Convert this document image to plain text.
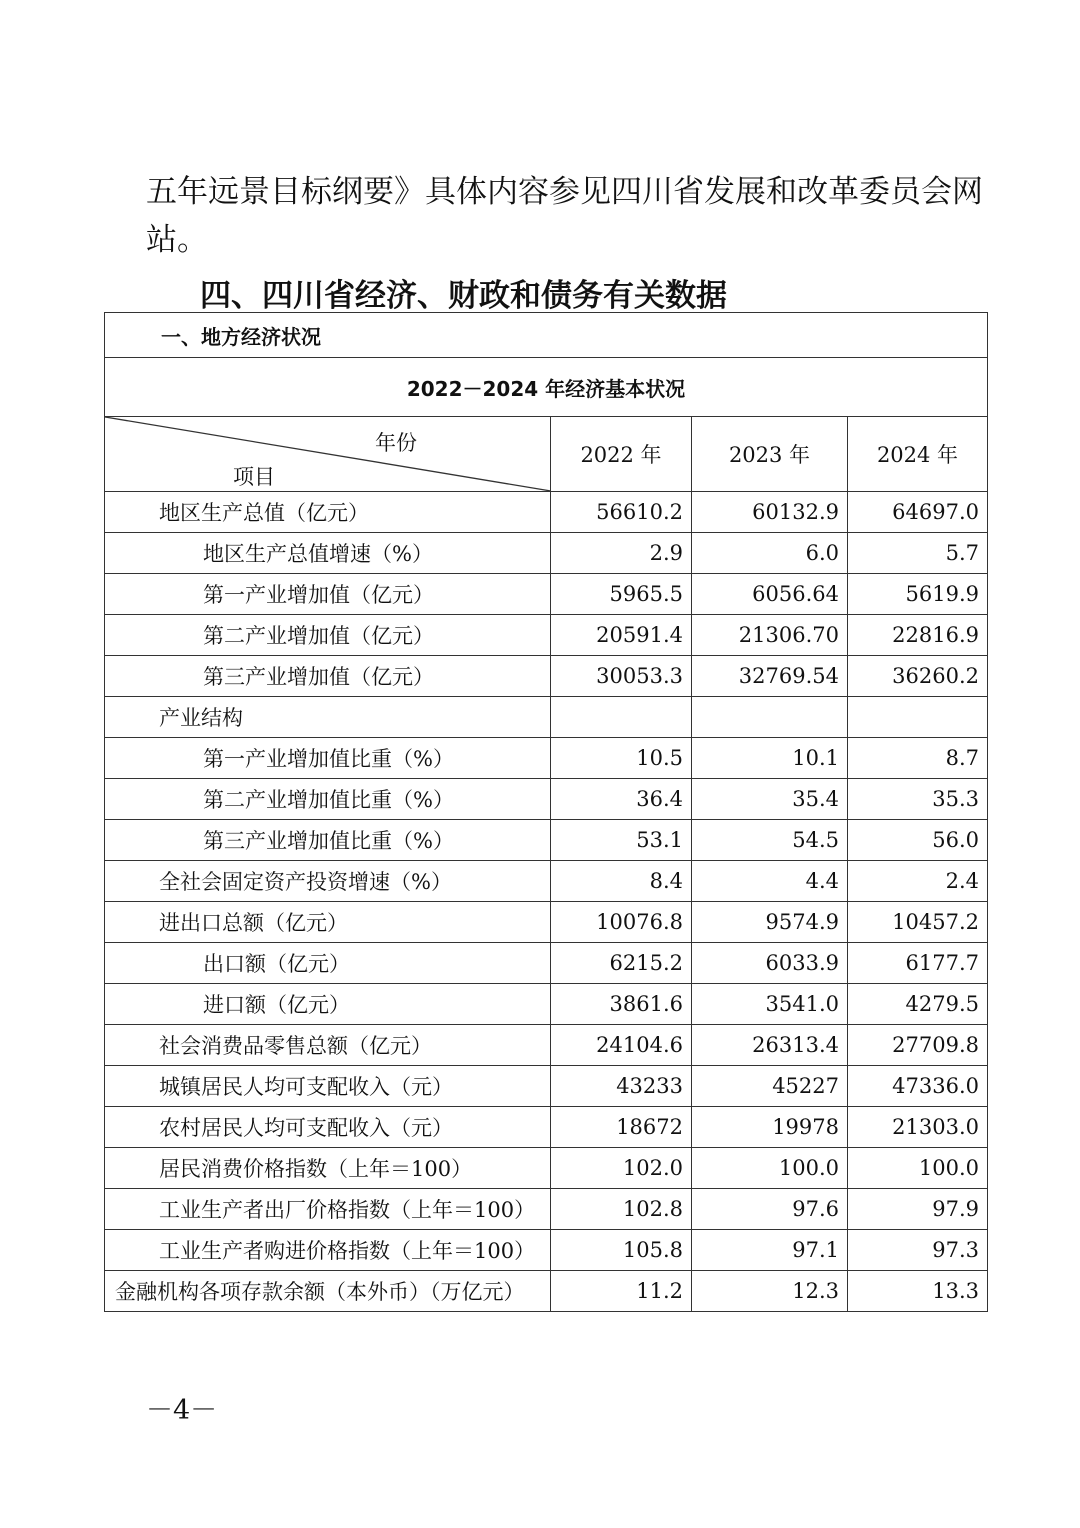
五年远景目标纲要》具体内容参见四川省发展和改革委员会网
站。
四、四川省经济、财政和债务有关数据
一、地方经济状况			
2022－2024 年经济基本状况			

年份
项目	2022 年	2023 年	2024 年
地区生产总值（亿元）	56610.2	60132.9	64697.0
地区生产总值增速（%）	2.9	6.0	5.7
第一产业增加值（亿元）	5965.5	6056.64	5619.9
第二产业增加值（亿元）	20591.4	21306.70	22816.9
第三产业增加值（亿元）	30053.3	32769.54	36260.2
产业结构			
第一产业增加值比重（%）	10.5	10.1	8.7
第二产业增加值比重（%）	36.4	35.4	35.3
第三产业增加值比重（%）	53.1	54.5	56.0
全社会固定资产投资增速（%）	8.4	4.4	2.4
进出口总额（亿元）	10076.8	9574.9	10457.2
出口额（亿元）	6215.2	6033.9	6177.7
进口额（亿元）	3861.6	3541.0	4279.5
社会消费品零售总额（亿元）	24104.6	26313.4	27709.8
城镇居民人均可支配收入（元）	43233	45227	47336.0
农村居民人均可支配收入（元）	18672	19978	21303.0
居民消费价格指数（上年＝100）	102.0	100.0	100.0
工业生产者出厂价格指数（上年＝100）	102.8	97.6	97.9
工业生产者购进价格指数（上年＝100）	105.8	97.1	97.3
金融机构各项存款余额（本外币）（万亿元）	11.2	12.3	13.3
－4－
